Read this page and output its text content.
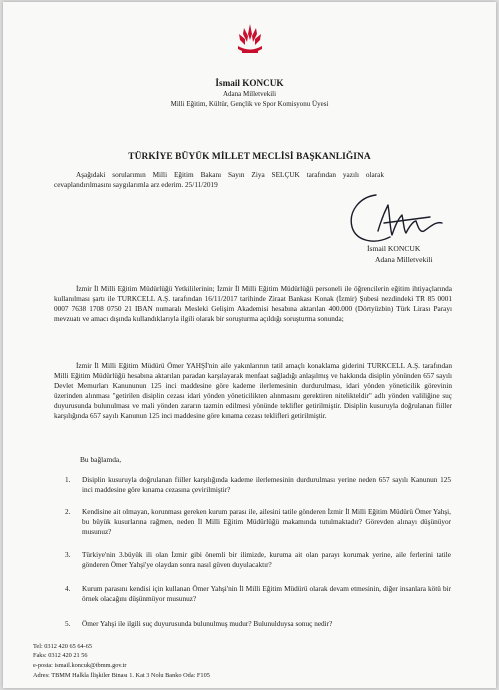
İsmail KONCUK
Adana Milletvekili
Milli Eğitim, Kültür, Gençlik ve Spor Komisyonu Üyesi
TÜRKİYE BÜYÜK MİLLET MECLİSİ BAŞKANLIĞINA
Aşağıdaki sorularımın Milli Eğitim Bakanı Sayın Ziya SELÇUK tarafından yazılı olarak cevaplandırılmasını saygılarımla arz ederim. 25/11/2019
İsmail KONCUK
Adana Milletvekili
İzmir İl Milli Eğitim Müdürlüğü Yetkililerinin; İzmir İl Milli Eğitim Müdürlüğü personeli ile öğrencilerin eğitim ihtiyaçlarında kullanılması şartı ile TURKCELL A.Ş. tarafından 16/11/2017 tarihinde Ziraat Bankası Konak (İzmir) Şubesi nezdindeki TR 85 0001 0007 7638 1708 0750 21 IBAN numaralı Mesleki Gelişim Akademisi hesabına aktarılan 400.000 (Dörtyüzbin) Türk Lirası Parayı mevzuatı ve amacı dışında kullandıklarıyla ilgili olarak bir soruşturma açıldığı soruşturma sonunda;
İzmir İl Milli Eğitim Müdürü Ömer YAHŞİ'nin aile yakınlarının tatil amaçlı konaklama giderini TURKCELL A.Ş. tarafından Milli Eğitim Müdürlüğü hesabına aktarılan paradan karşılayarak menfaat sağladığı anlaşılmış ve hakkında disiplin yönünden 657 sayılı Devlet Memurları Kanununun 125 inci maddesine göre kademe ilerlemesinin durdurulması, idari yönden yöneticilik görevinin üzerinden alınması "getirilen disiplin cezası idari yönden yöneticilikten alınmasını gerektiren nitelikteldir" adlı yönden valiliğine suç duyurusunda bulunulması ve mali yönden zararın tazmin edilmesi yönünde teklifler getirilmiştir. Disiplin kusuruyla doğrulanan fiiller karşılığında 657 sayılı Kanunun 125 inci maddesine göre kınama cezası teklifleri getirilmiştir.
Bu bağlamda,
1. Disiplin kusuruyla doğrulanan fiiller karşılığında kademe ilerlemesinin durdurulması yerine neden 657 sayılı Kanunun 125 inci maddesine göre kınama cezasına çevirilmiştir?
2. Kendisine ait olmayan, korunması gereken kurum parası ile, ailesini tatile gönderen İzmir İl Milli Eğitim Müdürü Ömer Yahşi, bu büyük kusurlarına rağmen, neden İl Milli Eğitim Müdürlüğü makamında tutulmaktadır? Görevden alınayı düşünüyor musunuz?
3. Türkiye'nin 3.büyük ili olan İzmir gibi önemli bir ilimizde, kuruma ait olan parayı korumak yerine, aile ferlerini tatile gönderen Ömer Yahşi'ye olaydan sonra nasıl güven duyulacaktır?
4. Kurum parasını kendisi için kullanan Ömer Yahşi'nin İl Milli Eğitim Müdürü olarak devam etmesinin, diğer insanlara kötü bir örnek olacağını düşünmüyor musunuz?
5. Ömer Yahşi ile ilgili suç duyurusunda bulunulmuş mudur? Bulunulduysa sonuç nedir?
Tel: 0312 420 65 64-65
Faks: 0312 420 21 56
e-posta: ismail.koncuk@tbmm.gov.tr
Adres: TBMM Halkla İlişkiler Binası 1. Kat 3 Nolu Banko Oda: F105
